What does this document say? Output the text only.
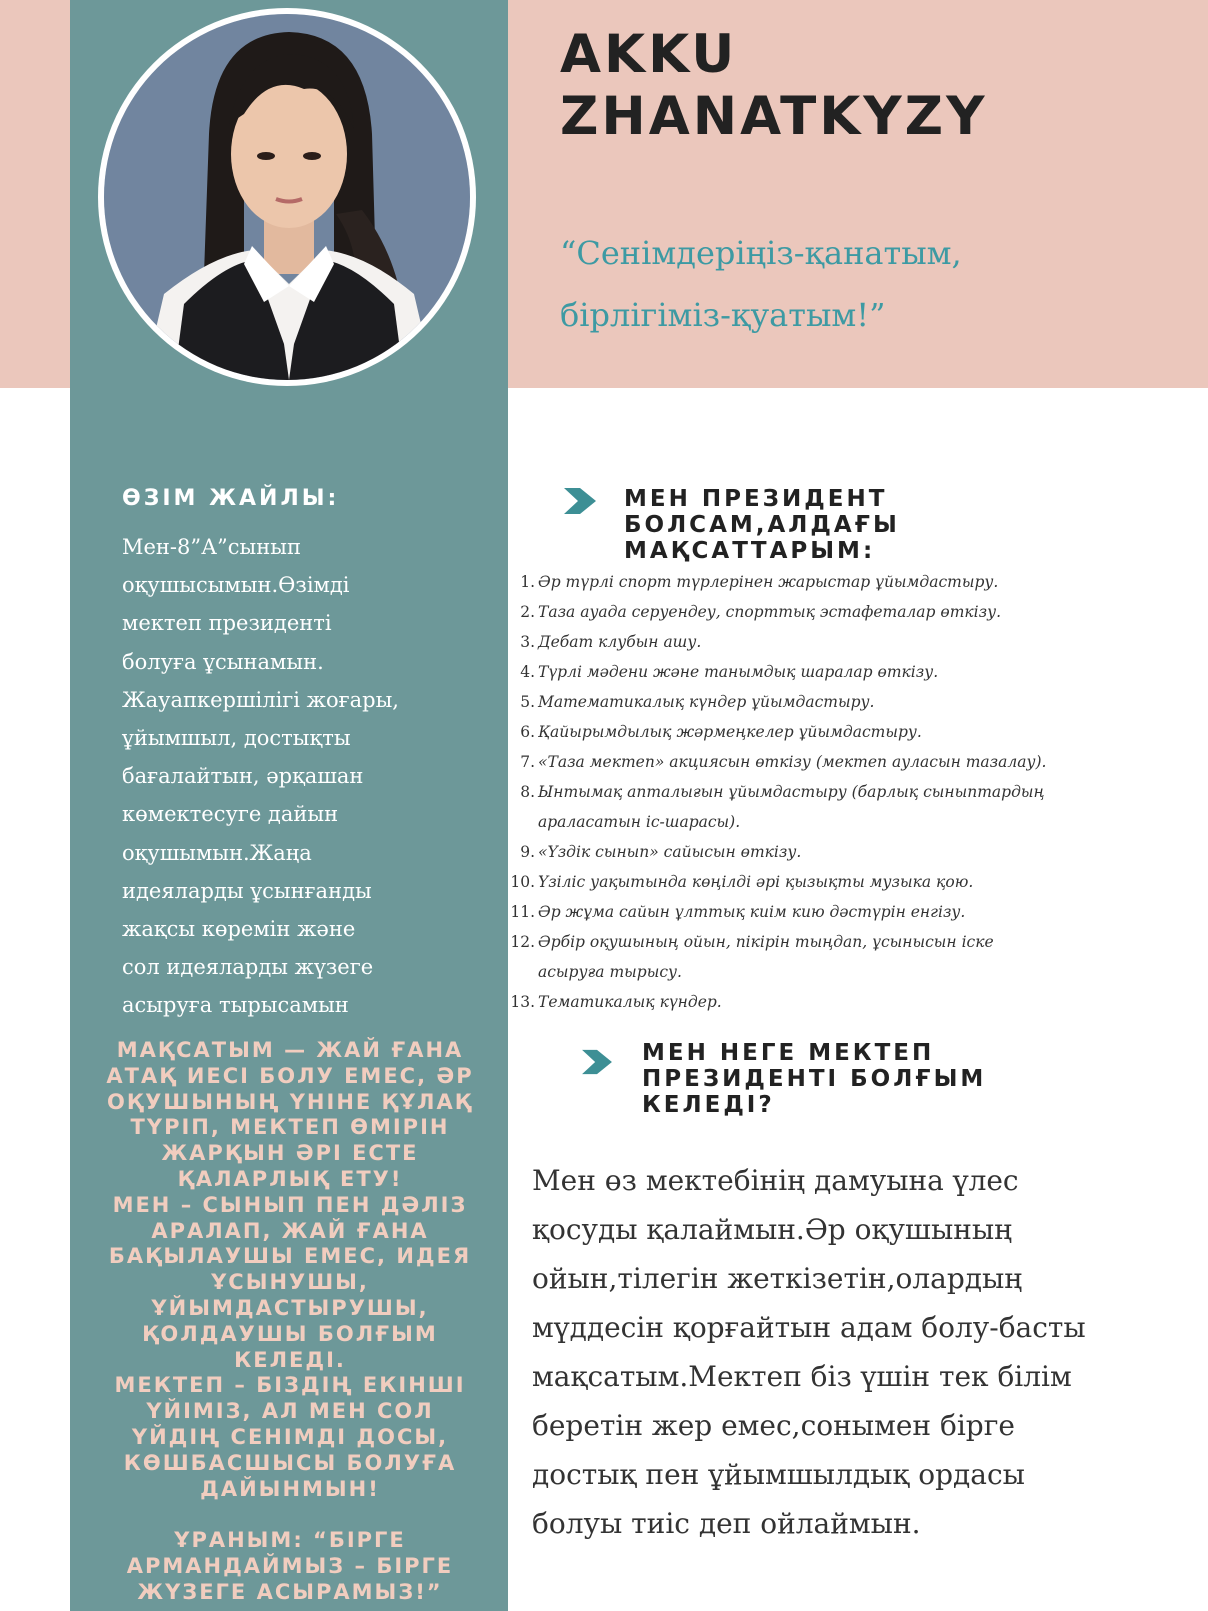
AKKU
ZHANATKYZY

“Сенімдеріңіз-қанатым,
бірлігіміз-қуатым!”

ӨЗІМ ЖАЙЛЫ:
Мен-8”А”сынып
оқушысымын.Өзімді
мектеп президенті
болуға ұсынамын.
Жауапкершілігі жоғары,
ұйымшыл, достықты
бағалайтын, әрқашан
көмектесуге дайын
оқушымын.Жаңа
идеяларды ұсынғанды
жақсы көремін және
сол идеяларды жүзеге
асыруға тырысамын
МАҚСАТЫМ — ЖАЙ ҒАНА
АТАҚ ИЕСІ БОЛУ ЕМЕС, ӘР
ОҚУШЫНЫҢ ҮНІНЕ ҚҰЛАҚ
ТҮРІП, МЕКТЕП ӨМІРІН
ЖАРҚЫН ӘРІ ЕСТЕ
ҚАЛАРЛЫҚ ЕТУ!
МЕН – СЫНЫП ПЕН ДӘЛІЗ
АРАЛАП, ЖАЙ ҒАНА
БАҚЫЛАУШЫ ЕМЕС, ИДЕЯ
ҰСЫНУШЫ,
ҰЙЫМДАСТЫРУШЫ,
ҚОЛДАУШЫ БОЛҒЫМ
КЕЛЕДІ.
МЕКТЕП – БІЗДІҢ ЕКІНШІ
ҮЙІМІЗ, АЛ МЕН СОЛ
ҮЙДІҢ СЕНІМДІ ДОСЫ,
КӨШБАСШЫСЫ БОЛУҒА
ДАЙЫНМЫН!
ҰРАНЫМ: “БІРГЕ
АРМАНДАЙМЫЗ – БІРГЕ
ЖҮЗЕГЕ АСЫРАМЫЗ!”
МЕН ПРЕЗИДЕНТ
БОЛСАМ,АЛДАҒЫ
МАҚСАТТАРЫМ:
1. Әр түрлі спорт түрлерінен жарыстар ұйымдастыру.
2. Таза ауада серуендеу, спорттық эстафеталар өткізу.
3. Дебат клубын ашу.
4. Түрлі мәдени және танымдық шаралар өткізу.
5. Математикалық күндер ұйымдастыру.
6. Қайырымдылық жәрмеңкелер ұйымдастыру.
7. «Таза мектеп» акциясын өткізу (мектеп ауласын тазалау).
8. Ынтымақ апталығын ұйымдастыру (барлық сыныптардың
араласатын іс-шарасы).
9. «Үздік сынып» сайысын өткізу.
10. Үзіліс уақытында көңілді әрі қызықты музыка қою.
11. Әр жұма сайын ұлттық киім кию дәстүрін енгізу.
12. Әрбір оқушының ойын, пікірін тыңдап, ұсынысын іске
асыруға тырысу.
13. Тематикалық күндер.
МЕН НЕГЕ МЕКТЕП
ПРЕЗИДЕНТІ БОЛҒЫМ
КЕЛЕДІ?
Мен өз мектебінің дамуына үлес
қосуды қалаймын.Әр оқушының
ойын,тілегін жеткізетін,олардың
мүддесін қорғайтын адам болу-басты
мақсатым.Мектеп біз үшін тек білім
беретін жер емес,сонымен бірге
достық пен ұйымшылдық ордасы
болуы тиіс деп ойлаймын.
